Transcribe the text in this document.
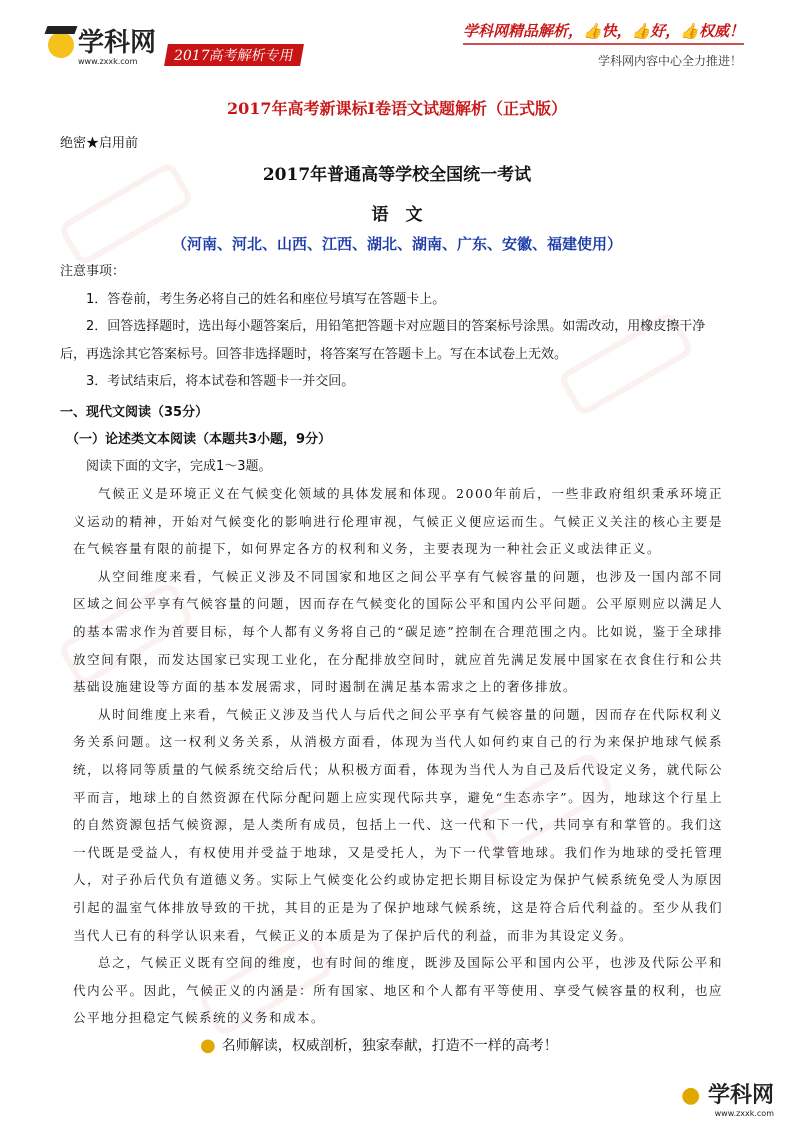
学科网
www.zxxk.com	2017高考解析专用
学科网精品解析，👍快，👍好，👍权威！
学科网内容中心全力推进！
2017年高考新课标Ⅰ卷语文试题解析（正式版）
绝密★启用前
2017年普通高等学校全国统一考试
语　文
（河南、河北、山西、江西、湖北、湖南、广东、安徽、福建使用）
注意事项：

1．答卷前，考生务必将自己的姓名和座位号填写在答题卡上。

2．回答选择题时，选出每小题答案后，用铅笔把答题卡对应题目的答案标号涂黑。如需改动，用橡皮擦干净后，再选涂其它答案标号。回答非选择题时，将答案写在答题卡上。写在本试卷上无效。

3．考试结束后，将本试卷和答题卡一并交回。

一、现代文阅读（35分）
（一）论述类文本阅读（本题共3小题，9分）
阅读下面的文字，完成1～3题。

气候正义是环境正义在气候变化领域的具体发展和体现。2000年前后，一些非政府组织秉承环境正义运动的精神，开始对气候变化的影响进行伦理审视，气候正义便应运而生。气候正义关注的核心主要是在气候容量有限的前提下，如何界定各方的权利和义务，主要表现为一种社会正义或法律正义。

从空间维度来看，气候正义涉及不同国家和地区之间公平享有气候容量的问题，也涉及一国内部不同区域之间公平享有气候容量的问题，因而存在气候变化的国际公平和国内公平问题。公平原则应以满足人的基本需求作为首要目标，每个人都有义务将自己的“碳足迹”控制在合理范围之内。比如说，鉴于全球排放空间有限，而发达国家已实现工业化，在分配排放空间时，就应首先满足发展中国家在衣食住行和公共基础设施建设等方面的基本发展需求，同时遏制在满足基本需求之上的奢侈排放。

从时间维度上来看，气候正义涉及当代人与后代之间公平享有气候容量的问题，因而存在代际权利义务关系问题。这一权利义务关系，从消极方面看，体现为当代人如何约束自己的行为来保护地球气候系统，以将同等质量的气候系统交给后代；从积极方面看，体现为当代人为自己及后代设定义务，就代际公平而言，地球上的自然资源在代际分配问题上应实现代际共享，避免“生态赤字”。因为，地球这个行星上的自然资源包括气候资源，是人类所有成员，包括上一代、这一代和下一代，共同享有和掌管的。我们这一代既是受益人，有权使用并受益于地球，又是受托人，为下一代掌管地球。我们作为地球的受托管理人，对子孙后代负有道德义务。实际上气候变化公约或协定把长期目标设定为保护气候系统免受人为原因引起的温室气体排放导致的干扰，其目的正是为了保护地球气候系统，这是符合后代利益的。至少从我们当代人已有的科学认识来看，气候正义的本质是为了保护后代的利益，而非为其设定义务。

总之，气候正义既有空间的维度，也有时间的维度，既涉及国际公平和国内公平，也涉及代际公平和代内公平。因此，气候正义的内涵是：所有国家、地区和个人都有平等使用、享受气候容量的权利，也应公平地分担稳定气候系统的义务和成本。

● 名师解读，权威剖析，独家奉献，打造不一样的高考！
● 学科网
www.zxxk.com
